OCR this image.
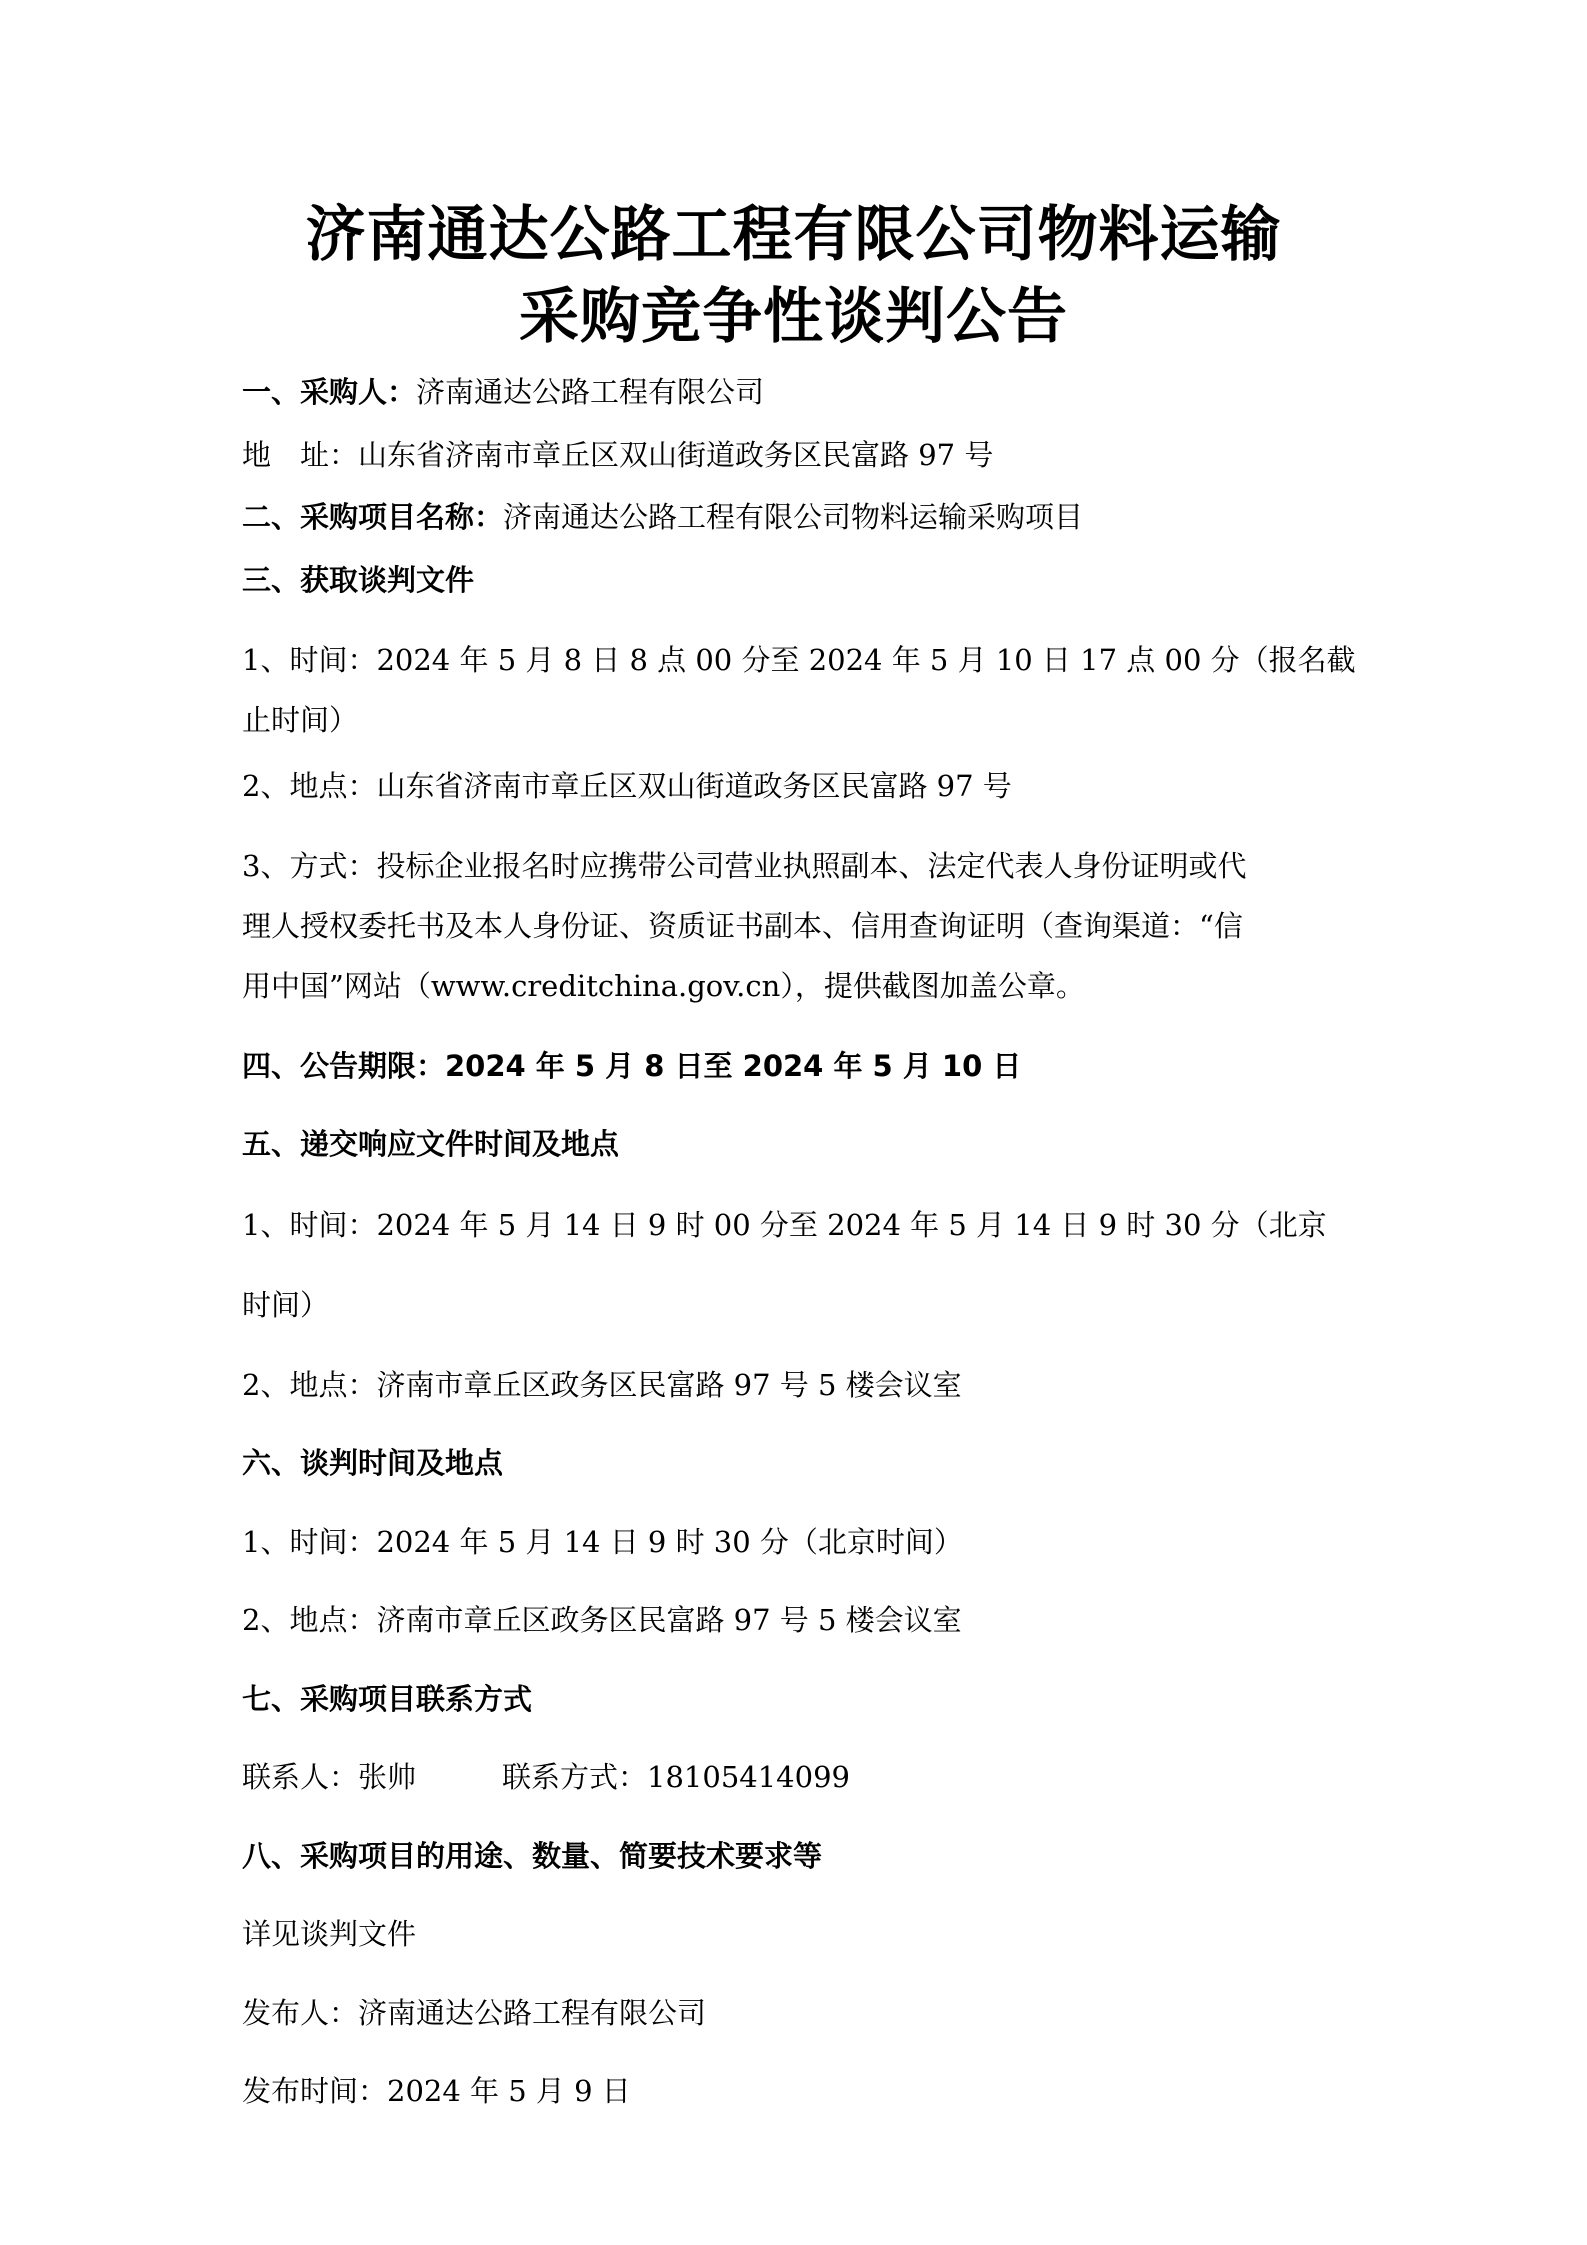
济南通达公路工程有限公司物料运输
采购竞争性谈判公告

一、采购人：济南通达公路工程有限公司

地　址：山东省济南市章丘区双山街道政务区民富路 97 号

二、采购项目名称：济南通达公路工程有限公司物料运输采购项目

三、获取谈判文件

1、时间：2024 年 5 月 8 日 8 点 00 分至 2024 年 5 月 10 日 17 点 00 分（报名截

止时间）

2、地点：山东省济南市章丘区双山街道政务区民富路 97 号

3、方式：投标企业报名时应携带公司营业执照副本、法定代表人身份证明或代

理人授权委托书及本人身份证、资质证书副本、信用查询证明（查询渠道：“信

用中国”网站（www.creditchina.gov.cn），提供截图加盖公章。

四、公告期限：2024 年 5 月 8 日至 2024 年 5 月 10 日

五、递交响应文件时间及地点

1、时间：2024 年 5 月 14 日 9 时 00 分至 2024 年 5 月 14 日 9 时 30 分（北京

时间）

2、地点：济南市章丘区政务区民富路 97 号 5 楼会议室

六、谈判时间及地点

1、时间：2024 年 5 月 14 日 9 时 30 分（北京时间）

2、地点：济南市章丘区政务区民富路 97 号 5 楼会议室

七、采购项目联系方式

联系人：张帅	联系方式：18105414099

八、采购项目的用途、数量、简要技术要求等

详见谈判文件

发布人：济南通达公路工程有限公司

发布时间：2024 年 5 月 9 日
